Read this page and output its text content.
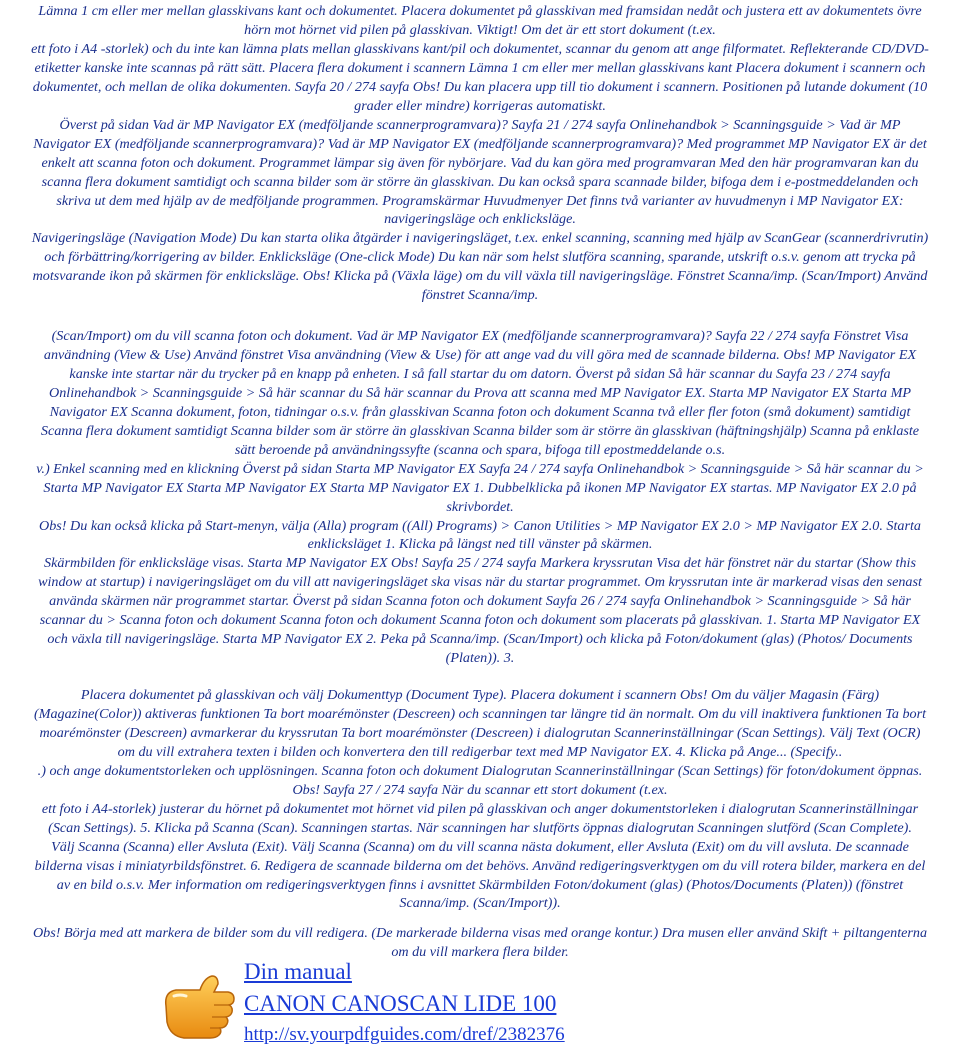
Lämna 1 cm eller mer mellan glasskivans kant och dokumentet. Placera dokumentet på glasskivan med framsidan nedåt och justera ett av dokumentets övre

hörn mot hörnet vid pilen på glasskivan. Viktigt! Om det är ett stort dokument (t.ex.

ett foto i A4 -storlek) och du inte kan lämna plats mellan glasskivans kant/pil och dokumentet, scannar du genom att ange filformatet. Reflekterande CD/DVD-

etiketter kanske inte scannas på rätt sätt. Placera flera dokument i scannern Lämna 1 cm eller mer mellan glasskivans kant Placera dokument i scannern och

dokumentet, och mellan de olika dokumenten. Sayfa 20 / 274 sayfa Obs! Du kan placera upp till tio dokument i scannern. Positionen på lutande dokument (10

grader eller mindre) korrigeras automatiskt.

Överst på sidan Vad är MP Navigator EX (medföljande scannerprogramvara)? Sayfa 21 / 274 sayfa Onlinehandbok > Scanningsguide > Vad är MP

Navigator EX (medföljande scannerprogramvara)? Vad är MP Navigator EX (medföljande scannerprogramvara)? Med programmet MP Navigator EX är det

enkelt att scanna foton och dokument. Programmet lämpar sig även för nybörjare. Vad du kan göra med programvaran Med den här programvaran kan du

scanna flera dokument samtidigt och scanna bilder som är större än glasskivan. Du kan också spara scannade bilder, bifoga dem i e-postmeddelanden och

skriva ut dem med hjälp av de medföljande programmen. Programskärmar Huvudmenyer Det finns två varianter av huvudmenyn i MP Navigator EX:

navigeringsläge och enklicksläge.

Navigeringsläge (Navigation Mode) Du kan starta olika åtgärder i navigeringsläget, t.ex. enkel scanning, scanning med hjälp av ScanGear (scannerdrivrutin)

och förbättring/korrigering av bilder. Enklicksläge (One-click Mode) Du kan när som helst slutföra scanning, sparande, utskrift o.s.v. genom att trycka på

motsvarande ikon på skärmen för enklicksläge. Obs! Klicka på (Växla läge) om du vill växla till navigeringsläge. Fönstret Scanna/imp. (Scan/Import) Använd

fönstret Scanna/imp.

(Scan/Import) om du vill scanna foton och dokument. Vad är MP Navigator EX (medföljande scannerprogramvara)? Sayfa 22 / 274 sayfa Fönstret Visa

användning (View & Use) Använd fönstret Visa användning (View & Use) för att ange vad du vill göra med de scannade bilderna. Obs! MP Navigator EX

kanske inte startar när du trycker på en knapp på enheten. I så fall startar du om datorn. Överst på sidan Så här scannar du Sayfa 23 / 274 sayfa

Onlinehandbok > Scanningsguide > Så här scannar du Så här scannar du Prova att scanna med MP Navigator EX. Starta MP Navigator EX Starta MP

Navigator EX Scanna dokument, foton, tidningar o.s.v. från glasskivan Scanna foton och dokument Scanna två eller fler foton (små dokument) samtidigt

Scanna flera dokument samtidigt Scanna bilder som är större än glasskivan Scanna bilder som är större än glasskivan (häftningshjälp) Scanna på enklaste

sätt beroende på användningssyfte (scanna och spara, bifoga till epostmeddelande o.s.

v.) Enkel scanning med en klickning Överst på sidan Starta MP Navigator EX Sayfa 24 / 274 sayfa Onlinehandbok > Scanningsguide > Så här scannar du >

Starta MP Navigator EX Starta MP Navigator EX Starta MP Navigator EX 1. Dubbelklicka på ikonen MP Navigator EX startas. MP Navigator EX 2.0 på

skrivbordet.

Obs! Du kan också klicka på Start-menyn, välja (Alla) program ((All) Programs) > Canon Utilities > MP Navigator EX 2.0 > MP Navigator EX 2.0. Starta

enklicksläget 1. Klicka på längst ned till vänster på skärmen.

Skärmbilden för enklicksläge visas. Starta MP Navigator EX Obs! Sayfa 25 / 274 sayfa Markera kryssrutan Visa det här fönstret när du startar (Show this

window at startup) i navigeringsläget om du vill att navigeringsläget ska visas när du startar programmet. Om kryssrutan inte är markerad visas den senast

använda skärmen när programmet startar. Överst på sidan Scanna foton och dokument Sayfa 26 / 274 sayfa Onlinehandbok > Scanningsguide > Så här

scannar du > Scanna foton och dokument Scanna foton och dokument Scanna foton och dokument som placerats på glasskivan. 1. Starta MP Navigator EX

och växla till navigeringsläge. Starta MP Navigator EX 2. Peka på Scanna/imp. (Scan/Import) och klicka på Foton/dokument (glas) (Photos/ Documents

(Platen)). 3.

Placera dokumentet på glasskivan och välj Dokumenttyp (Document Type). Placera dokument i scannern Obs! Om du väljer Magasin (Färg)

(Magazine(Color)) aktiveras funktionen Ta bort moarémönster (Descreen) och scanningen tar längre tid än normalt. Om du vill inaktivera funktionen Ta bort

moarémönster (Descreen) avmarkerar du kryssrutan Ta bort moarémönster (Descreen) i dialogrutan Scannerinställningar (Scan Settings). Välj Text (OCR)

om du vill extrahera texten i bilden och konvertera den till redigerbar text med MP Navigator EX. 4. Klicka på Ange... (Specify..

.) och ange dokumentstorleken och upplösningen. Scanna foton och dokument Dialogrutan Scannerinställningar (Scan Settings) för foton/dokument öppnas.

Obs! Sayfa 27 / 274 sayfa När du scannar ett stort dokument (t.ex.

ett foto i A4-storlek) justerar du hörnet på dokumentet mot hörnet vid pilen på glasskivan och anger dokumentstorleken i dialogrutan Scannerinställningar

(Scan Settings). 5. Klicka på Scanna (Scan). Scanningen startas. När scanningen har slutförts öppnas dialogrutan Scanningen slutförd (Scan Complete).

Välj Scanna (Scanna) eller Avsluta (Exit). Välj Scanna (Scanna) om du vill scanna nästa dokument, eller Avsluta (Exit) om du vill avsluta. De scannade

bilderna visas i miniatyrbildsfönstret. 6. Redigera de scannade bilderna om det behövs. Använd redigeringsverktygen om du vill rotera bilder, markera en del

av en bild o.s.v. Mer information om redigeringsverktygen finns i avsnittet Skärmbilden Foton/dokument (glas) (Photos/Documents (Platen)) (fönstret

Scanna/imp. (Scan/Import)).

Obs! Börja med att markera de bilder som du vill redigera. (De markerade bilderna visas med orange kontur.) Dra musen eller använd Skift + piltangenterna

om du vill markera flera bilder.

Din manual
CANON CANOSCAN LIDE 100
http://sv.yourpdfguides.com/dref/2382376
